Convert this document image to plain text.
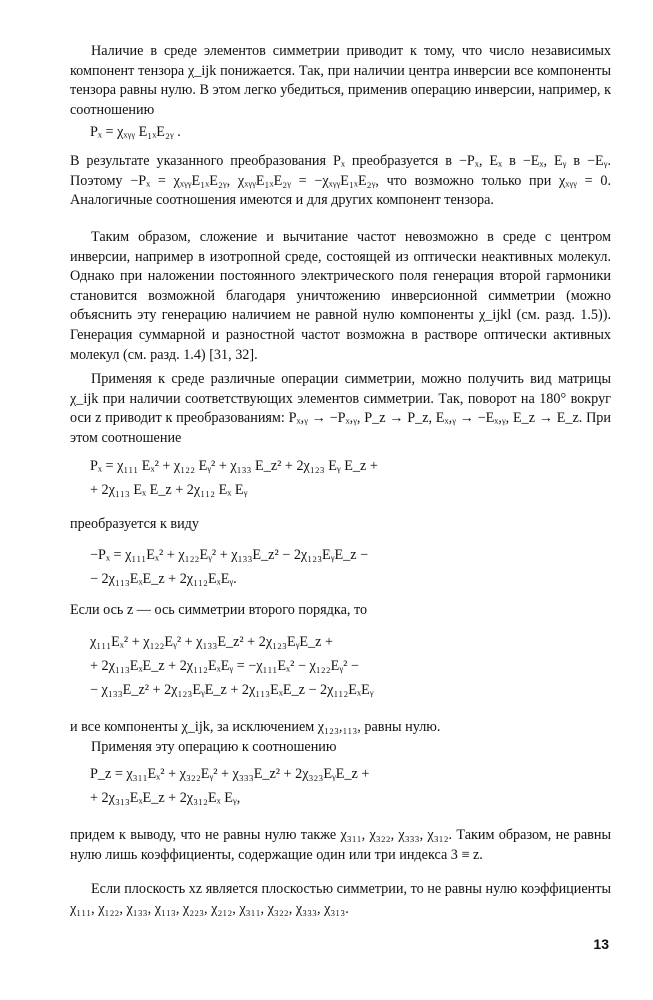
Наличие в среде элементов симметрии приводит к тому, что число независимых компонент тензора χ_ijk понижается. Так, при наличии центра инверсии все компоненты тензора равны нулю. В этом легко убедиться, применив операцию инверсии, например, к соотношению

Pₓ = χₓᵧᵧ E₁ₓE₂ᵧ .

В результате указанного преобразования Pₓ преобразуется в −Pₓ, Eₓ в −Eₓ, Eᵧ в −Eᵧ. Поэтому −Pₓ = χₓᵧᵧE₁ₓE₂ᵧ, χₓᵧᵧE₁ₓE₂ᵧ = −χₓᵧᵧE₁ₓE₂ᵧ, что возможно только при χₓᵧᵧ = 0. Аналогичные соотношения имеются и для других компонент тензора.

Таким образом, сложение и вычитание частот невозможно в среде с центром инверсии, например в изотропной среде, состоящей из оптически неактивных молекул. Однако при наложении постоянного электрического поля генерация второй гармоники становится возможной благодаря уничтожению инверсионной симметрии (можно объяснить эту генерацию наличием не равной нулю компоненты χ_ijkl (см. разд. 1.5)). Генерация суммарной и разностной частот возможна в растворе оптически активных молекул (см. разд. 1.4) [31, 32].

Применяя к среде различные операции симметрии, можно получить вид матрицы χ_ijk при наличии соответствующих элементов симметрии. Так, поворот на 180° вокруг оси z приводит к преобразованиям: Pₓ,ᵧ → −Pₓ,ᵧ, P_z → P_z, Eₓ,ᵧ → −Eₓ,ᵧ, E_z → E_z. При этом соотношение

Pₓ = χ₁₁₁ Eₓ² + χ₁₂₂ Eᵧ² + χ₁₃₃ E_z² + 2χ₁₂₃ Eᵧ E_z +
+ 2χ₁₁₃ Eₓ E_z + 2χ₁₁₂ Eₓ Eᵧ

преобразуется к виду

−Pₓ = χ₁₁₁Eₓ² + χ₁₂₂Eᵧ² + χ₁₃₃E_z² − 2χ₁₂₃EᵧE_z −
− 2χ₁₁₃EₓE_z + 2χ₁₁₂EₓEᵧ.

Если ось z — ось симметрии второго порядка, то

χ₁₁₁Eₓ² + χ₁₂₂Eᵧ² + χ₁₃₃E_z² + 2χ₁₂₃EᵧE_z +
+ 2χ₁₁₃EₓE_z + 2χ₁₁₂EₓEᵧ = −χ₁₁₁Eₓ² − χ₁₂₂Eᵧ² −
− χ₁₃₃E_z² + 2χ₁₂₃EᵧE_z + 2χ₁₁₃EₓE_z − 2χ₁₁₂EₓEᵧ

и все компоненты χ_ijk, за исключением χ₁₂₃,₁₁₃, равны нулю.

Применяя эту операцию к соотношению

P_z = χ₃₁₁Eₓ² + χ₃₂₂Eᵧ² + χ₃₃₃E_z² + 2χ₃₂₃EᵧE_z +
+ 2χ₃₁₃EₓE_z + 2χ₃₁₂Eₓ Eᵧ,

придем к выводу, что не равны нулю также χ₃₁₁, χ₃₂₂, χ₃₃₃, χ₃₁₂. Таким образом, не равны нулю лишь коэффициенты, содержащие один или три индекса 3 ≡ z.

Если плоскость xz является плоскостью симметрии, то не равны нулю коэффициенты χ₁₁₁, χ₁₂₂, χ₁₃₃, χ₁₁₃, χ₂₂₃, χ₂₁₂, χ₃₁₁, χ₃₂₂, χ₃₃₃, χ₃₁₃.

13
